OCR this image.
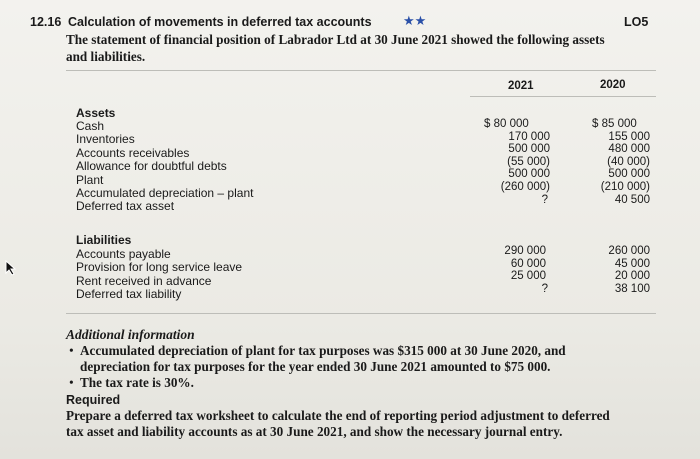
12.16 Calculation of movements in deferred tax accounts ★★	LO5
The statement of financial position of Labrador Ltd at 30 June 2021 showed the following assets
and liabilities.
2021	2020
Assets
Cash
Inventories
Accounts receivables
Allowance for doubtful debts
Plant
Accumulated depreciation – plant
Deferred tax asset
$ 80 000
170 000
500 000
(55 000)
500 000
(260 000)
?
$ 85 000
155 000
480 000
(40 000)
500 000
(210 000)
40 500
Liabilities
Accounts payable
Provision for long service leave
Rent received in advance
Deferred tax liability
290 000
60 000
25 000
?
260 000
45 000
20 000
38 100
Additional information
• Accumulated depreciation of plant for tax purposes was $315 000 at 30 June 2020, and
depreciation for tax purposes for the year ended 30 June 2021 amounted to $75 000.
• The tax rate is 30%.
Required
Prepare a deferred tax worksheet to calculate the end of reporting period adjustment to deferred
tax asset and liability accounts as at 30 June 2021, and show the necessary journal entry.
